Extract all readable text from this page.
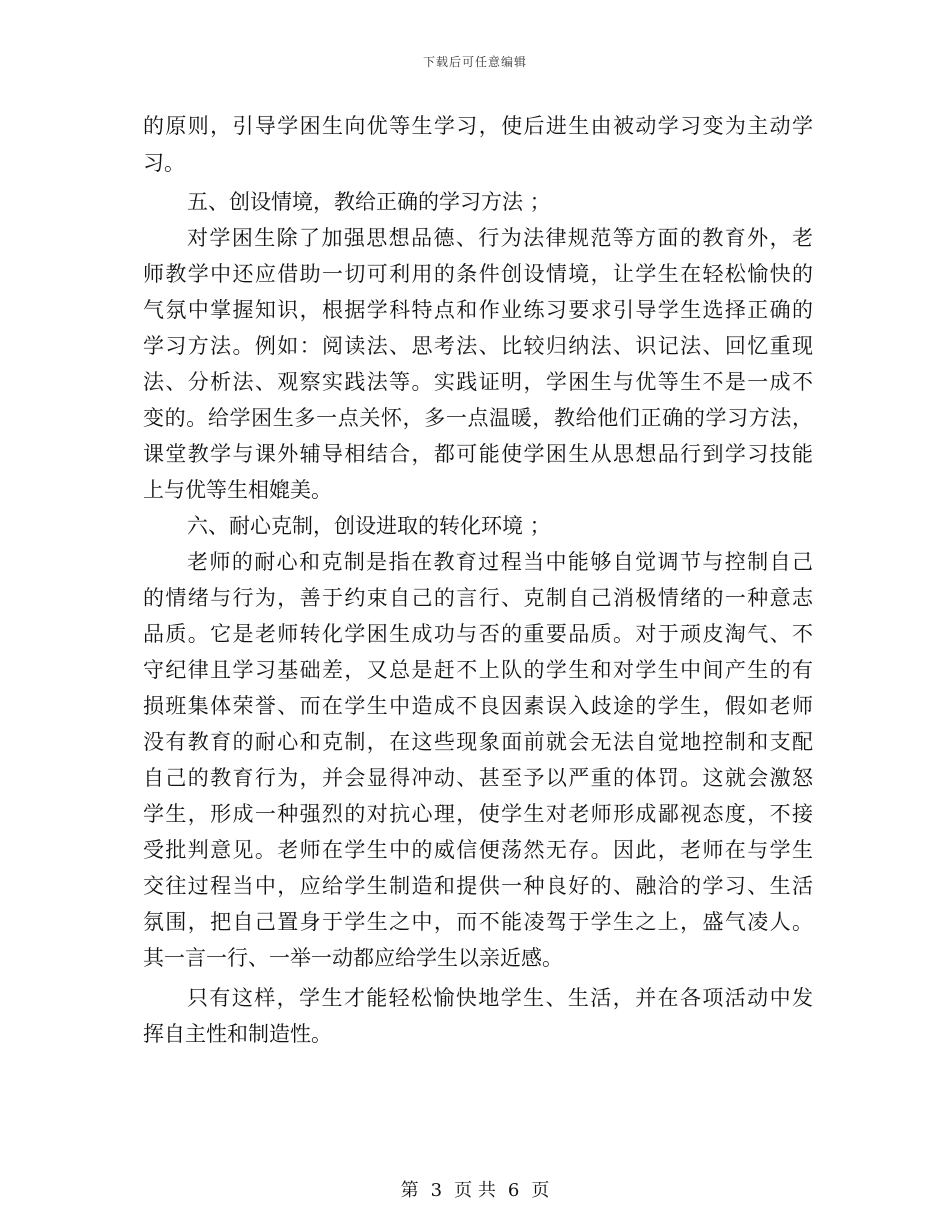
下载后可任意编辑
的原则，引导学困生向优等生学习，使后进生由被动学习变为主动学
习。
五、创设情境，教给正确的学习方法 ；
对学困生除了加强思想品德、行为法律规范等方面的教育外，老
师教学中还应借助一切可利用的条件创设情境，让学生在轻松愉快的
气氛中掌握知识，根据学科特点和作业练习要求引导学生选择正确的
学习方法。例如：阅读法、思考法、比较归纳法、识记法、回忆重现
法、分析法、观察实践法等。实践证明，学困生与优等生不是一成不
变的。给学困生多一点关怀，多一点温暖，教给他们正确的学习方法，
课堂教学与课外辅导相结合，都可能使学困生从思想品行到学习技能
上与优等生相媲美。
六、耐心克制，创设进取的转化环境 ；
老师的耐心和克制是指在教育过程当中能够自觉调节与控制自己
的情绪与行为，善于约束自己的言行、克制自己消极情绪的一种意志
品质。它是老师转化学困生成功与否的重要品质。对于顽皮淘气、不
守纪律且学习基础差，又总是赶不上队的学生和对学生中间产生的有
损班集体荣誉、而在学生中造成不良因素误入歧途的学生，假如老师
没有教育的耐心和克制，在这些现象面前就会无法自觉地控制和支配
自己的教育行为，并会显得冲动、甚至予以严重的体罚。这就会激怒
学生，形成一种强烈的对抗心理，使学生对老师形成鄙视态度，不接
受批判意见。老师在学生中的威信便荡然无存。因此，老师在与学生
交往过程当中，应给学生制造和提供一种良好的、融洽的学习、生活
氛围，把自己置身于学生之中，而不能凌驾于学生之上，盛气凌人。
其一言一行、一举一动都应给学生以亲近感。
只有这样，学生才能轻松愉快地学生、生活，并在各项活动中发
挥自主性和制造性。
第 3 页 共 6 页
